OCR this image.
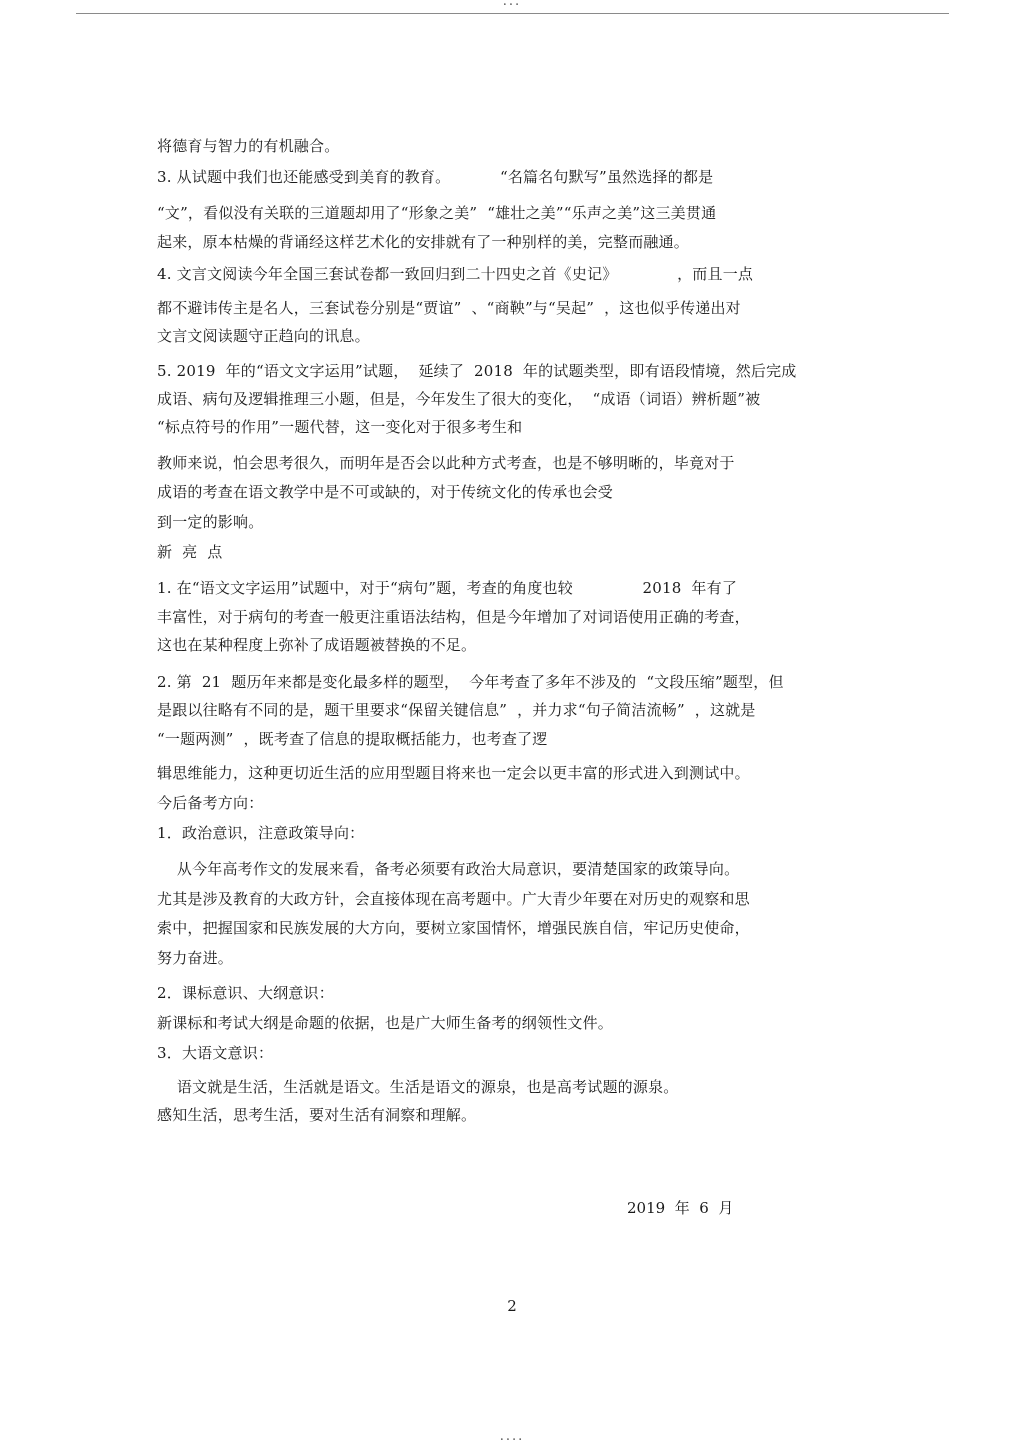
...
将德育与智力的有机融合。
3. 从试题中我们也还能感受到美育的教育。          “名篇名句默写”虽然选择的都是
“文”，看似没有关联的三道题却用了“形象之美”  “雄壮之美”“乐声之美”这三美贯通
起来，原本枯燥的背诵经这样艺术化的安排就有了一种别样的美，完整而融通。
4. 文言文阅读今年全国三套试卷都一致回归到二十四史之首《史记》            ，而且一点
都不避讳传主是名人，三套试卷分别是“贾谊”  、“商鞅”与“吴起”  ，这也似乎传递出对
文言文阅读题守正趋向的讯息。
5. 2019  年的“语文文字运用”试题，  延续了  2018  年的试题类型，即有语段情境，然后完成
成语、病句及逻辑推理三小题，但是，今年发生了很大的变化，  “成语（词语）辨析题”被
“标点符号的作用”一题代替，这一变化对于很多考生和
教师来说，怕会思考很久，而明年是否会以此种方式考查，也是不够明晰的，毕竟对于
成语的考查在语文教学中是不可或缺的，对于传统文化的传承也会受
到一定的影响。
新  亮  点
1. 在“语文文字运用”试题中，对于“病句”题，考查的角度也较              2018  年有了
丰富性，对于病句的考查一般更注重语法结构，但是今年增加了对词语使用正确的考查，
这也在某种程度上弥补了成语题被替换的不足。
2. 第  21  题历年来都是变化最多样的题型，  今年考查了多年不涉及的  “文段压缩”题型，但
是跟以往略有不同的是，题干里要求“保留关键信息”  ，并力求“句子简洁流畅”  ，这就是
“一题两测”  ，既考查了信息的提取概括能力，也考查了逻
辑思维能力，这种更切近生活的应用型题目将来也一定会以更丰富的形式进入到测试中。
今后备考方向：
1．政治意识，注意政策导向：
从今年高考作文的发展来看，备考必须要有政治大局意识，要清楚国家的政策导向。
尤其是涉及教育的大政方针，会直接体现在高考题中。广大青少年要在对历史的观察和思
索中，把握国家和民族发展的大方向，要树立家国情怀，增强民族自信，牢记历史使命，
努力奋进。
2．课标意识、大纲意识：
新课标和考试大纲是命题的依据，也是广大师生备考的纲领性文件。
3．大语文意识：
语文就是生活，生活就是语文。生活是语文的源泉，也是高考试题的源泉。
感知生活，思考生活，要对生活有洞察和理解。
2019  年  6  月
2
....
